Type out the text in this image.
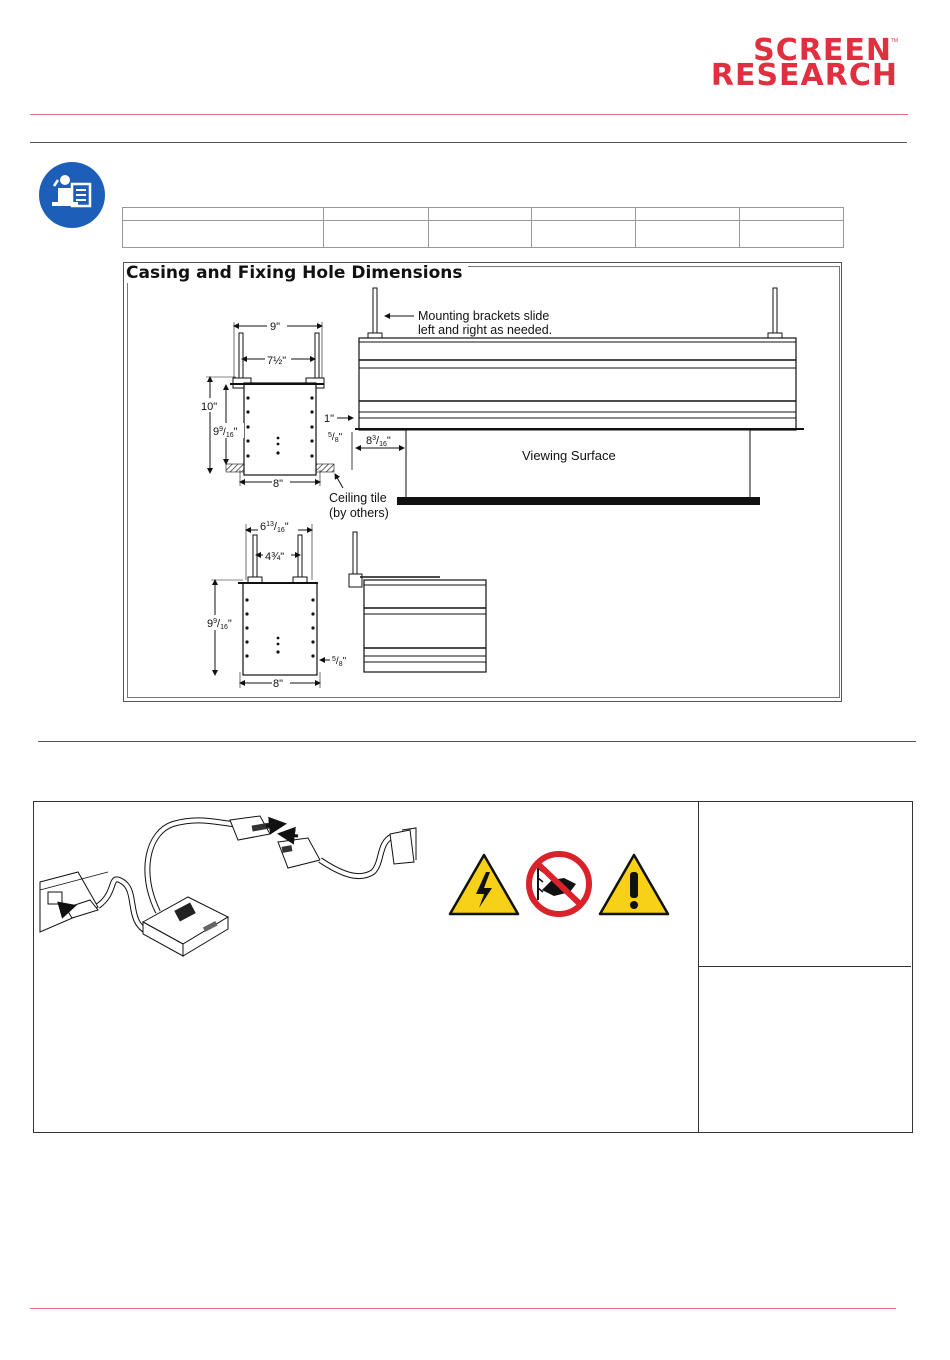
SCREEN
RESEARCH
TM

9"
7½"
10"
$9^9/16$"
8"
1"
$^5/_8$"
Ceiling tile
(by others)
Viewing Surface
Mounting brackets slide
left and right as needed.
$8^3/16$"
$6^{13}/16$"
4¾"
$9^9/16$"
8"
$^5/_8$"
Casing and Fixing Hole Dimensions
